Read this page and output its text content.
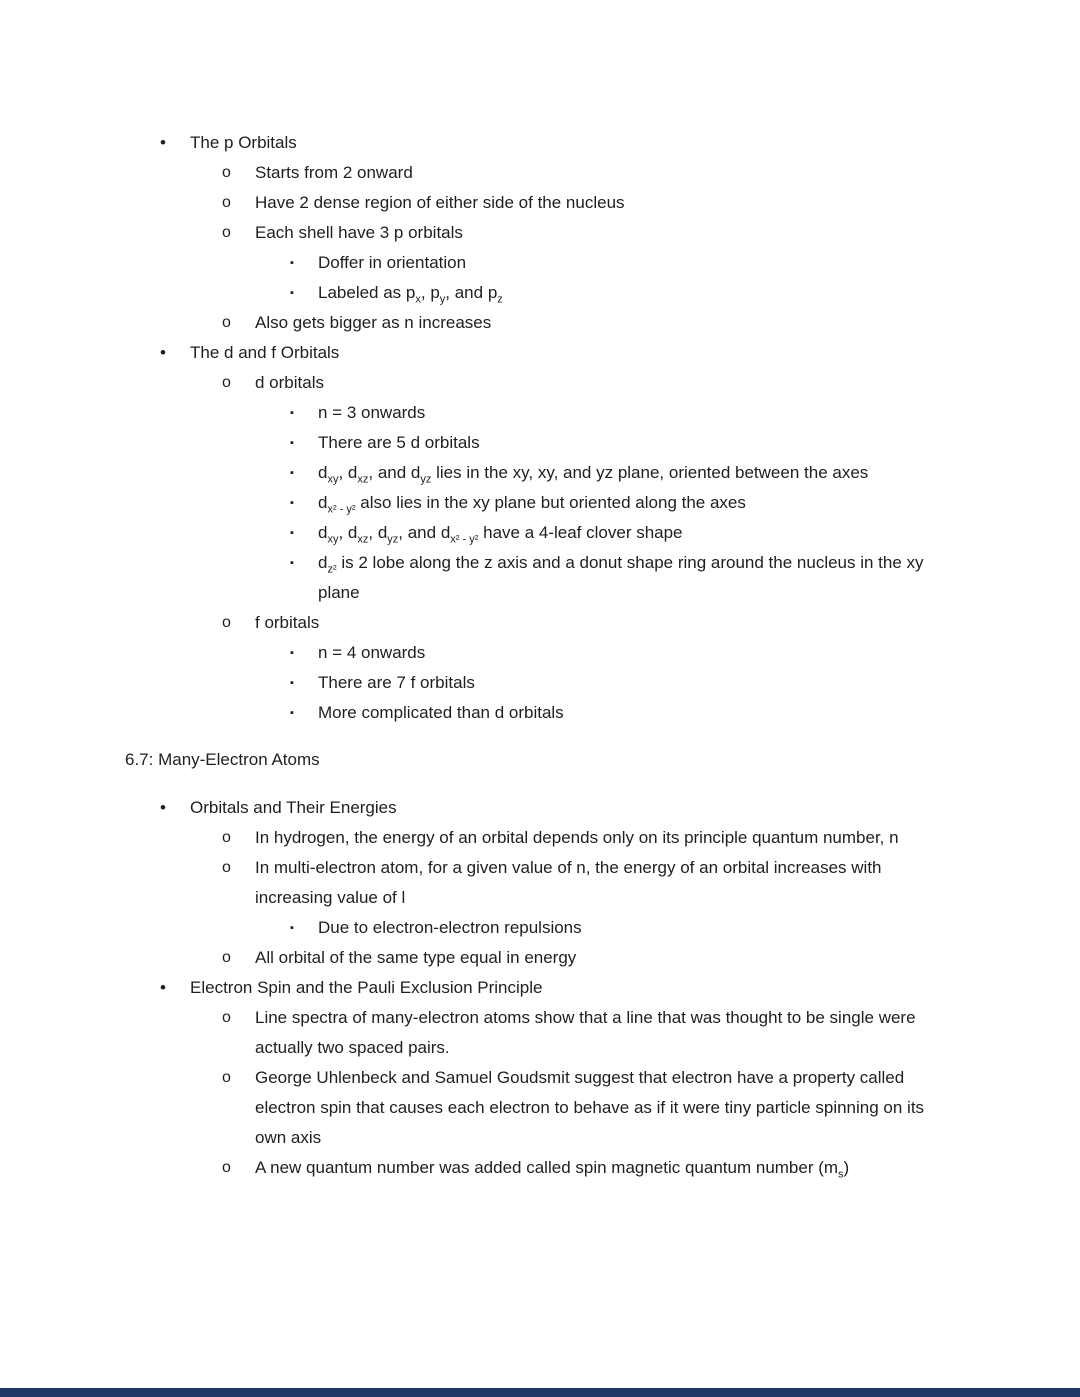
•	The p Orbitals
o	Starts from 2 onward
o	Have 2 dense region of either side of the nucleus
o	Each shell have 3 p orbitals
▪	Doffer in orientation
▪	Labeled as $p_x$, $p_y$, and $p_z$
o	Also gets bigger as n increases
•	The d and f Orbitals
o	d orbitals
▪	n = 3 onwards
▪	There are 5 d orbitals
▪	$d_{xy}$, $d_{xz}$, and $d_{yz}$ lies in the xy, xy, and yz plane, oriented between the axes
▪	$d_{x^2 - y^2}$ also lies in the xy plane but oriented along the axes
▪	$d_{xy}$, $d_{xz}$, $d_{yz}$, and $d_{x^2 - y^2}$ have a 4-leaf clover shape
▪	$d_{z^2}$ is 2 lobe along the z axis and a donut shape ring around the nucleus in the xy plane
o	f orbitals
▪	n = 4 onwards
▪	There are 7 f orbitals
▪	More complicated than d orbitals
6.7: Many-Electron Atoms
•	Orbitals and Their Energies
o	In hydrogen, the energy of an orbital depends only on its principle quantum number, n
o	In multi-electron atom, for a given value of n, the energy of an orbital increases with increasing value of l
▪	Due to electron-electron repulsions
o	All orbital of the same type equal in energy
•	Electron Spin and the Pauli Exclusion Principle
o	Line spectra of many-electron atoms show that a line that was thought to be single were actually two spaced pairs.
o	George Uhlenbeck and Samuel Goudsmit suggest that electron have a property called electron spin that causes each electron to behave as if it were tiny particle spinning on its own axis
o	A new quantum number was added called spin magnetic quantum number $(m_s)$
